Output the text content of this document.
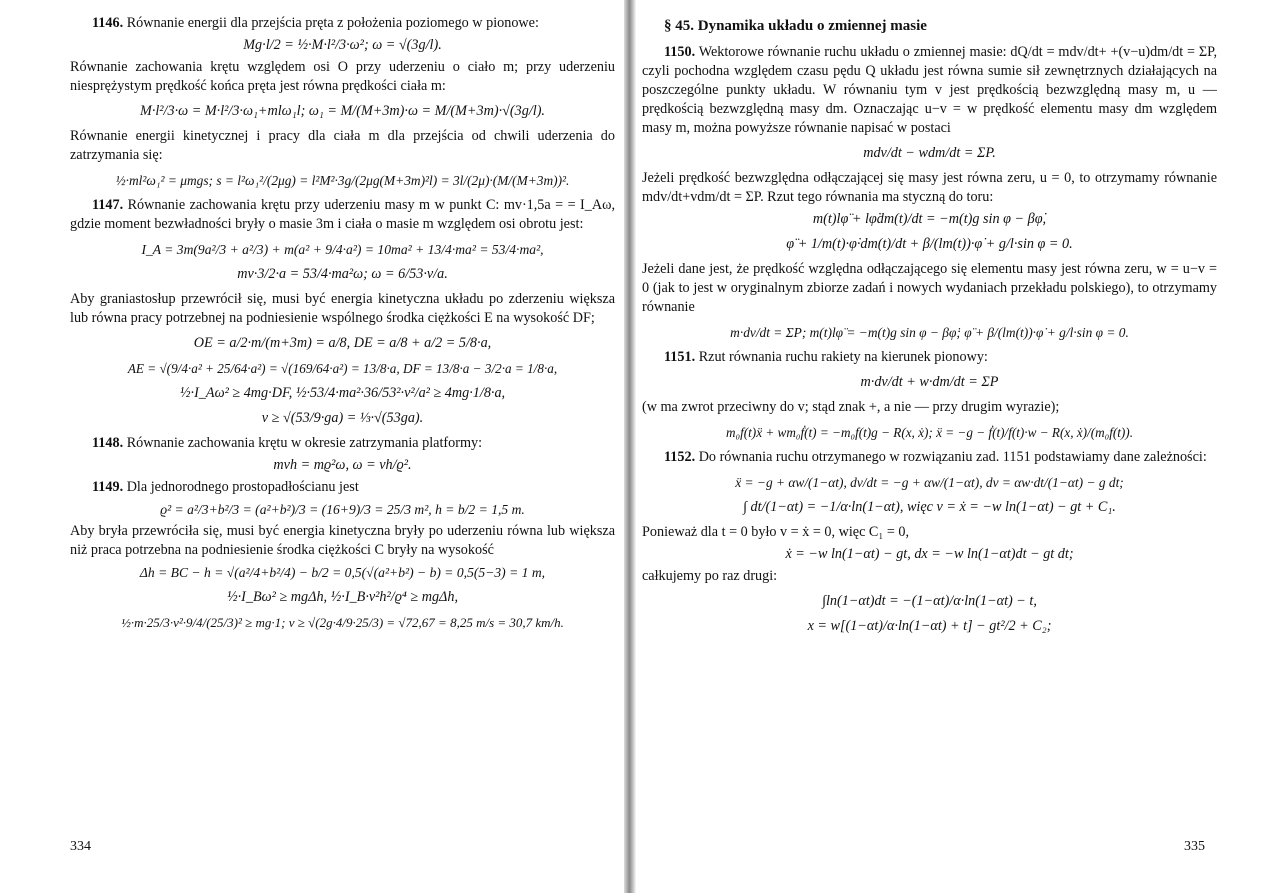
1146. Równanie energii dla przejścia pręta z położenia poziomego w pionowe:

Mg·l/2 = ½·M·l²/3·ω²; ω = √(3g/l).

Równanie zachowania krętu względem osi O przy uderzeniu o ciało m; przy uderzeniu niesprężystym prędkość końca pręta jest równa prędkości ciała m:

M·l²/3·ω = M·l²/3·ω₁+mlω₁l; ω₁ = M/(M+3m)·ω = M/(M+3m)·√(3g/l).

Równanie energii kinetycznej i pracy dla ciała m dla przejścia od chwili uderzenia do zatrzymania się:

½·ml²ω₁² = μmgs; s = l²ω₁²/(2μg) = l²M²·3g/(2μg(M+3m)²l) = 3l/(2μ)·(M/(M+3m))².

1147. Równanie zachowania krętu przy uderzeniu masy m w punkt C: mv·1,5a = = I_Aω, gdzie moment bezwładności bryły o masie 3m i ciała o masie m względem osi obrotu jest:

I_A = 3m(9a²/3 + a²/3) + m(a² + 9/4·a²) = 10ma² + 13/4·ma² = 53/4·ma²,
mv·3/2·a = 53/4·ma²ω; ω = 6/53·v/a.

Aby graniastosłup przewrócił się, musi być energia kinetyczna układu po zderzeniu większa lub równa pracy potrzebnej na podniesienie wspólnego środka ciężkości E na wysokość DF;

OE = a/2·m/(m+3m) = a/8, DE = a/8 + a/2 = 5/8·a,
AE = √(9/4·a² + 25/64·a²) = √(169/64·a²) = 13/8·a, DF = 13/8·a − 3/2·a = 1/8·a,
½·I_Aω² ≥ 4mg·DF, ½·53/4·ma²·36/53²·v²/a² ≥ 4mg·1/8·a,
v ≥ √(53/9·ga) = ⅓·√(53ga).

1148. Równanie zachowania krętu w okresie zatrzymania platformy:

mvh = mϱ²ω, ω = vh/ϱ².

1149. Dla jednorodnego prostopadłościanu jest

ϱ² = a²/3+b²/3 = (a²+b²)/3 = (16+9)/3 = 25/3 m², h = b/2 = 1,5 m.

Aby bryła przewróciła się, musi być energia kinetyczna bryły po uderzeniu równa lub większa niż praca potrzebna na podniesienie środka ciężkości C bryły na wysokość

Δh = BC − h = √(a²/4+b²/4) − b/2 = 0,5(√(a²+b²) − b) = 0,5(5−3) = 1 m,
½·I_Bω² ≥ mgΔh, ½·I_B·v²h²/ϱ⁴ ≥ mgΔh,
½·m·25/3·v²·9/4/(25/3)² ≥ mg·1; v ≥ √(2g·4/9·25/3) = √72,67 = 8,25 m/s = 30,7 km/h.
334
§ 45. Dynamika układu o zmiennej masie

1150. Wektorowe równanie ruchu układu o zmiennej masie: dQ/dt = mdv/dt+ +(v−u)dm/dt = ΣP, czyli pochodna względem czasu pędu Q układu jest równa sumie sił zewnętrznych działających na poszczególne punkty układu. W równaniu tym v jest prędkością bezwzględną masy m, u — prędkością bezwzględną masy dm. Oznaczając u−v = w prędkość elementu masy dm względem masy m, można powyższe równanie napisać w postaci

mdv/dt − wdm/dt = ΣP.

Jeżeli prędkość bezwzględna odłączającej się masy jest równa zeru, u = 0, to otrzymamy równanie mdv/dt+vdm/dt = ΣP. Rzut tego równania ma styczną do toru:

m(t)lφ̈ + lφ̇dm(t)/dt = −m(t)g sin φ − βφ̇,
φ̈ + 1/m(t)·φ̇·dm(t)/dt + β/(lm(t))·φ̇ + g/l·sin φ = 0.

Jeżeli dane jest, że prędkość względna odłączającego się elementu masy jest równa zeru, w = u−v = 0 (jak to jest w oryginalnym zbiorze zadań i nowych wydaniach przekładu polskiego), to otrzymamy równanie

m·dv/dt = ΣP; m(t)lφ̈ = −m(t)g sin φ − βφ̇; φ̈ + β/(lm(t))·φ̇ + g/l·sin φ = 0.

1151. Rzut równania ruchu rakiety na kierunek pionowy:

m·dv/dt + w·dm/dt = ΣP

(w ma zwrot przeciwny do v; stąd znak +, a nie — przy drugim wyrazie);

m₀f(t)ẍ + wm₀ḟ(t) = −m₀f(t)g − R(x, ẋ); ẍ = −g − ḟ(t)/f(t)·w − R(x, ẋ)/(m₀f(t)).

1152. Do równania ruchu otrzymanego w rozwiązaniu zad. 1151 podstawiamy dane zależności:

ẍ = −g + αw/(1−αt), dv/dt = −g + αw/(1−αt), dv = αw·dt/(1−αt) − g dt;
∫ dt/(1−αt) = −1/α·ln(1−αt), więc v = ẋ = −w ln(1−αt) − gt + C₁.

Ponieważ dla t = 0 było v = ẋ = 0, więc C₁ = 0,

ẋ = −w ln(1−αt) − gt, dx = −w ln(1−αt)dt − gt dt;

całkujemy po raz drugi:

∫ln(1−αt)dt = −(1−αt)/α·ln(1−αt) − t,
x = w[(1−αt)/α·ln(1−αt) + t] − gt²/2 + C₂;
335
